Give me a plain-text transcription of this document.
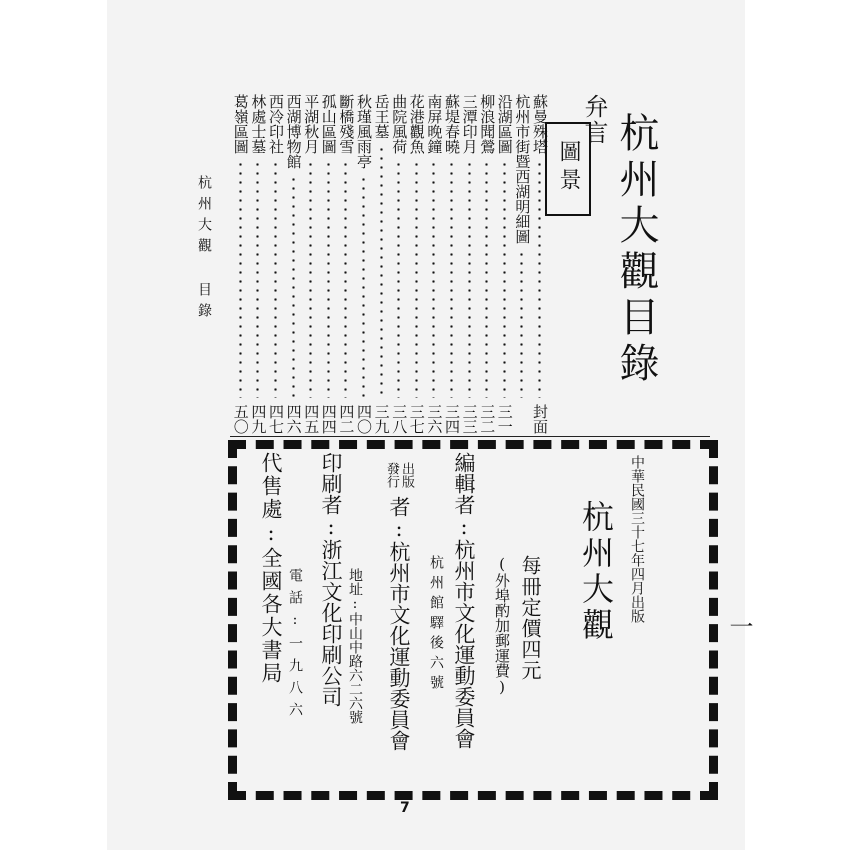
杭州大觀目錄
弁言
圖景
蘇曼殊塔
封面
杭州市街暨西湖明細圖
沿湖區圖
三一
柳浪聞鶯
三二
三潭印月
三三
蘇堤春曉
三四
南屏晚鐘
三六
花港觀魚
三七
曲院風荷
三八
岳王墓
三九
秋瑾風雨亭
四〇
斷橋殘雪
四二
孤山區圖
四四
平湖秋月
四五
西湖博物館
四六
西冷印社
四七
林處士墓
四九
葛嶺區圖
五〇
杭州大觀 目錄
中華民國三十七年四月出版
杭州大觀
每冊定價四元
(外埠酌加郵運費)
編輯者:杭州市文化運動委員會
杭州館驛後六號
出版
發行
者:杭州市文化運動委員會
地址:中山中路六二六號
印刷者:浙江文化印刷公司
電話:一九八六
代售處:全國各大書局	一
7
